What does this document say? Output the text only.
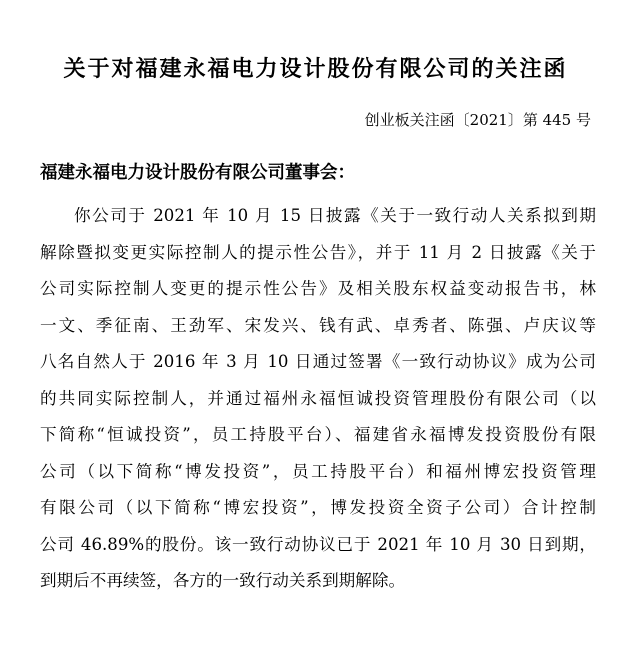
关于对福建永福电力设计股份有限公司的关注函
创业板关注函〔2021〕第 445 号
福建永福电力设计股份有限公司董事会：
你公司于 2021 年 10 月 15 日披露《关于一致行动人关系拟到期
解除暨拟变更实际控制人的提示性公告》，并于 11 月 2 日披露《关于
公司实际控制人变更的提示性公告》及相关股东权益变动报告书，林
一文、季征南、王劲军、宋发兴、钱有武、卓秀者、陈强、卢庆议等
八名自然人于 2016 年 3 月 10 日通过签署《一致行动协议》成为公司
的共同实际控制人，并通过福州永福恒诚投资管理股份有限公司（以
下简称“恒诚投资”，员工持股平台）、福建省永福博发投资股份有限
公司（以下简称“博发投资”，员工持股平台）和福州博宏投资管理
有限公司（以下简称“博宏投资”，博发投资全资子公司）合计控制
公司 46.89%的股份。该一致行动协议已于 2021 年 10 月 30 日到期，
到期后不再续签，各方的一致行动关系到期解除。
